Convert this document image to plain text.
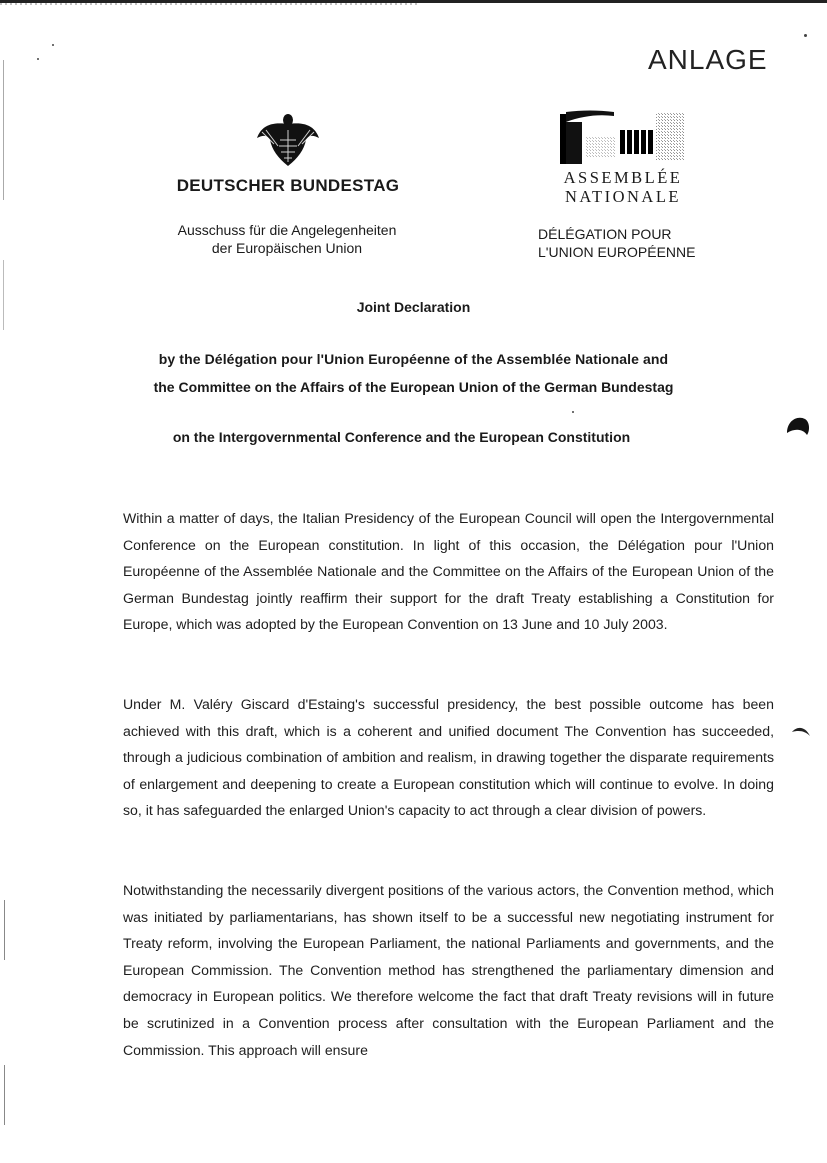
ANLAGE
DEUTSCHER BUNDESTAG
Ausschuss für die Angelegenheiten
der Europäischen Union
ASSEMBLÉE
NATIONALE
DÉLÉGATION POUR
L'UNION EUROPÉENNE
Joint Declaration
by the Délégation pour l'Union Européenne of the Assemblée Nationale and
the Committee on the Affairs of the European Union of the German Bundestag
on the Intergovernmental Conference and the European Constitution
Within a matter of days, the Italian Presidency of the European Council will open the Intergovernmental Conference on the European constitution. In light of this occasion, the Délégation pour l'Union Européenne of the Assemblée Nationale and the Committee on the Affairs of the European Union of the German Bundestag jointly reaffirm their support for the draft Treaty establishing a Constitution for Europe, which was adopted by the European Convention on 13 June and 10 July 2003.
Under M. Valéry Giscard d'Estaing's successful presidency, the best possible outcome has been achieved with this draft, which is a coherent and unified document The Convention has succeeded, through a judicious combination of ambition and realism, in drawing together the disparate requirements of enlargement and deepening to create a European constitution which will continue to evolve. In doing so, it has safeguarded the enlarged Union's capacity to act through a clear division of powers.
Notwithstanding the necessarily divergent positions of the various actors, the Convention method, which was initiated by parliamentarians, has shown itself to be a successful new negotiating instrument for Treaty reform, involving the European Parliament, the national Parliaments and governments, and the European Commission. The Convention method has strengthened the parliamentary dimension and democracy in European politics. We therefore welcome the fact that draft Treaty revisions will in future be scrutinized in a Convention process after consultation with the European Parliament and the Commission. This approach will ensure
